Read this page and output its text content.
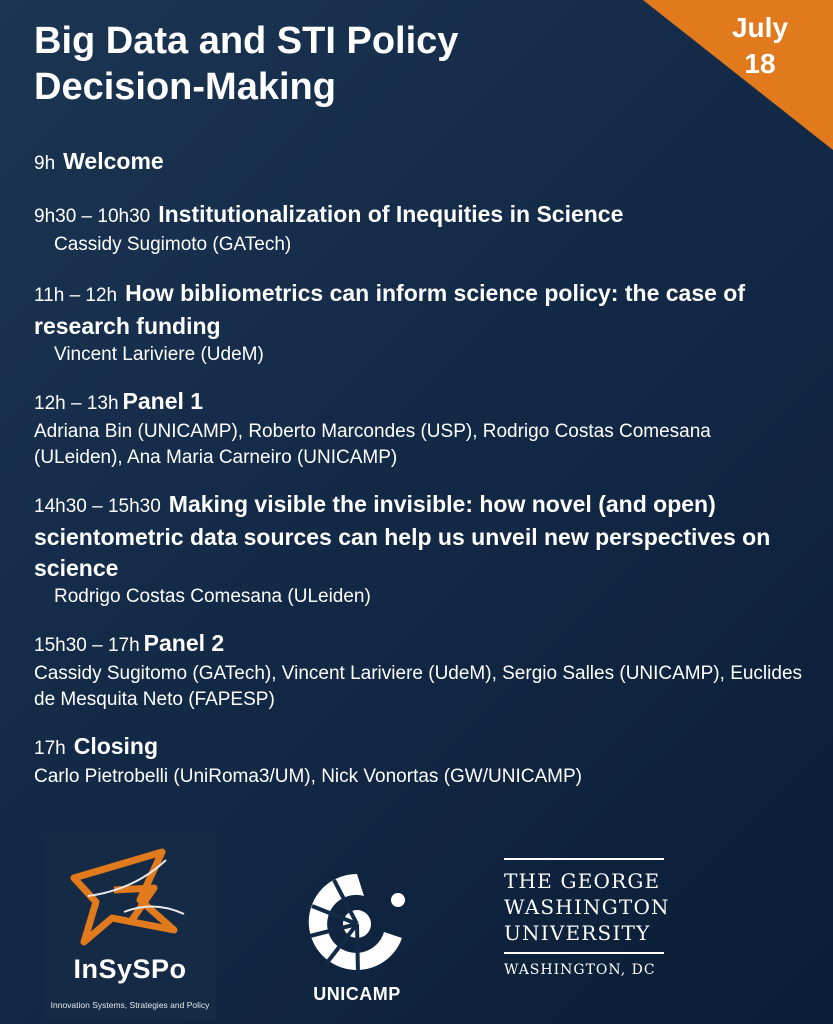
Big Data and STI Policy
Decision-Making
July
18
9h Welcome
9h30 – 10h30 Institutionalization of Inequities in Science
Cassidy Sugimoto (GATech)
11h – 12h How bibliometrics can inform science policy: the case of research funding
Vincent Lariviere (UdeM)
12h – 13h Panel 1
Adriana Bin (UNICAMP), Roberto Marcondes (USP), Rodrigo Costas Comesana (ULeiden), Ana Maria Carneiro (UNICAMP)
14h30 – 15h30 Making visible the invisible: how novel (and open) scientometric data sources can help us unveil new perspectives on science
Rodrigo Costas Comesana (ULeiden)
15h30 – 17h Panel 2
Cassidy Sugitomo (GATech), Vincent Lariviere (UdeM), Sergio Salles (UNICAMP), Euclides de Mesquita Neto (FAPESP)
17h Closing
Carlo Pietrobelli (UniRoma3/UM), Nick Vonortas (GW/UNICAMP)
InSySPo
Innovation Systems, Strategies and Policy
UNICAMP
THE GEORGE
WASHINGTON
UNIVERSITY
WASHINGTON, DC
